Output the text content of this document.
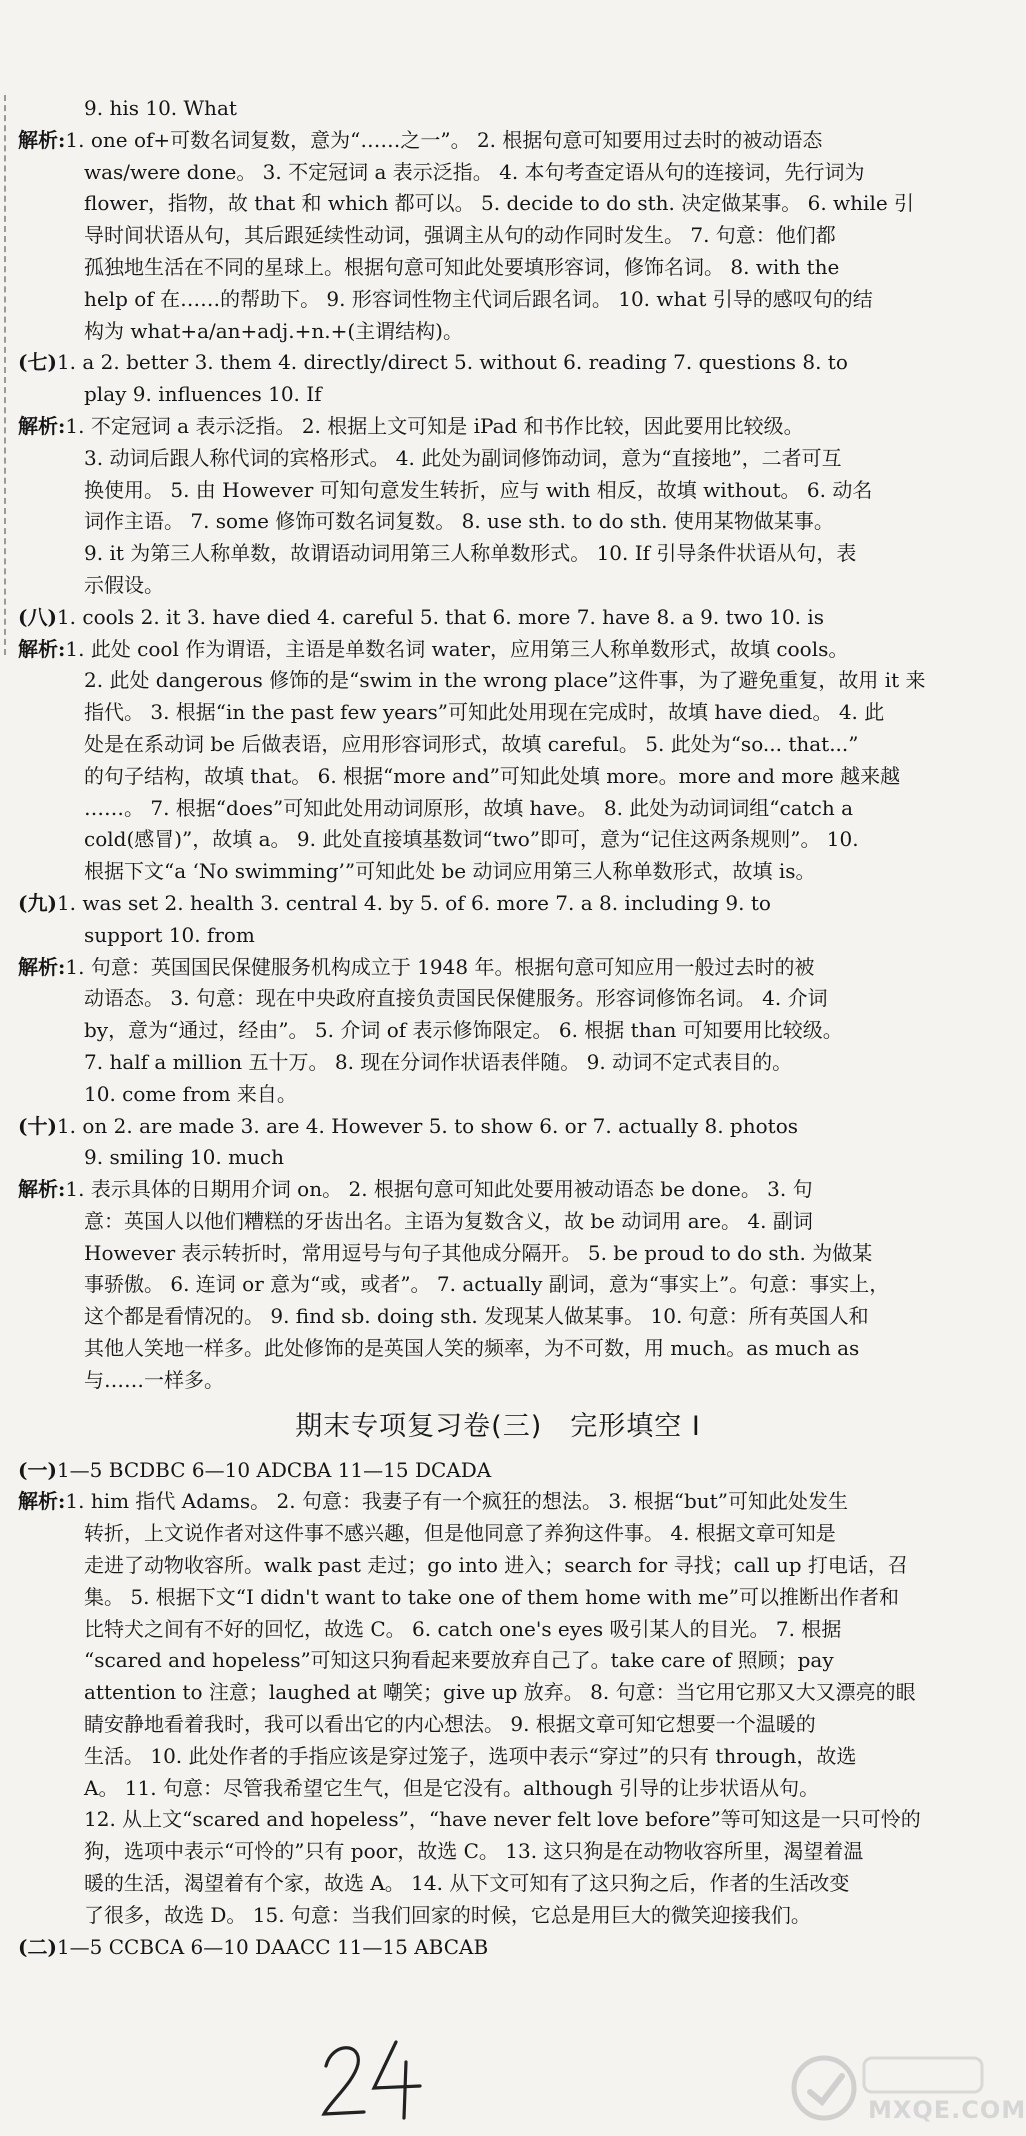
9. his 10. What
解析:1. one of+可数名词复数，意为“……之一”。 2. 根据句意可知要用过去时的被动语态
was/were done。 3. 不定冠词 a 表示泛指。 4. 本句考查定语从句的连接词，先行词为
flower，指物，故 that 和 which 都可以。 5. decide to do sth. 决定做某事。 6. while 引
导时间状语从句，其后跟延续性动词，强调主从句的动作同时发生。 7. 句意：他们都
孤独地生活在不同的星球上。根据句意可知此处要填形容词，修饰名词。 8. with the
help of 在……的帮助下。 9. 形容词性物主代词后跟名词。 10. what 引导的感叹句的结
构为 what+a/an+adj.+n.+(主谓结构)。
(七)1. a 2. better 3. them 4. directly/direct 5. without 6. reading 7. questions 8. to
play 9. influences 10. If
解析:1. 不定冠词 a 表示泛指。 2. 根据上文可知是 iPad 和书作比较，因此要用比较级。
3. 动词后跟人称代词的宾格形式。 4. 此处为副词修饰动词，意为“直接地”，二者可互
换使用。 5. 由 However 可知句意发生转折，应与 with 相反，故填 without。 6. 动名
词作主语。 7. some 修饰可数名词复数。 8. use sth. to do sth. 使用某物做某事。
9. it 为第三人称单数，故谓语动词用第三人称单数形式。 10. If 引导条件状语从句，表
示假设。
(八)1. cools 2. it 3. have died 4. careful 5. that 6. more 7. have 8. a 9. two 10. is
解析:1. 此处 cool 作为谓语，主语是单数名词 water，应用第三人称单数形式，故填 cools。
2. 此处 dangerous 修饰的是“swim in the wrong place”这件事，为了避免重复，故用 it 来
指代。 3. 根据“in the past few years”可知此处用现在完成时，故填 have died。 4. 此
处是在系动词 be 后做表语，应用形容词形式，故填 careful。 5. 此处为“so... that...”
的句子结构，故填 that。 6. 根据“more and”可知此处填 more。more and more 越来越
……。 7. 根据“does”可知此处用动词原形，故填 have。 8. 此处为动词词组“catch a
cold(感冒)”，故填 a。 9. 此处直接填基数词“two”即可，意为“记住这两条规则”。 10.
根据下文“a ‘No swimming’”可知此处 be 动词应用第三人称单数形式，故填 is。
(九)1. was set 2. health 3. central 4. by 5. of 6. more 7. a 8. including 9. to
support 10. from
解析:1. 句意：英国国民保健服务机构成立于 1948 年。根据句意可知应用一般过去时的被
动语态。 3. 句意：现在中央政府直接负责国民保健服务。形容词修饰名词。 4. 介词
by，意为“通过，经由”。 5. 介词 of 表示修饰限定。 6. 根据 than 可知要用比较级。
7. half a million 五十万。 8. 现在分词作状语表伴随。 9. 动词不定式表目的。
10. come from 来自。
(十)1. on 2. are made 3. are 4. However 5. to show 6. or 7. actually 8. photos
9. smiling 10. much
解析:1. 表示具体的日期用介词 on。 2. 根据句意可知此处要用被动语态 be done。 3. 句
意：英国人以他们糟糕的牙齿出名。主语为复数含义，故 be 动词用 are。 4. 副词
However 表示转折时，常用逗号与句子其他成分隔开。 5. be proud to do sth. 为做某
事骄傲。 6. 连词 or 意为“或，或者”。 7. actually 副词，意为“事实上”。句意：事实上，
这个都是看情况的。 9. find sb. doing sth. 发现某人做某事。 10. 句意：所有英国人和
其他人笑地一样多。此处修饰的是英国人笑的频率，为不可数，用 much。as much as
与……一样多。
期末专项复习卷(三)　完形填空 I
(一)1—5 BCDBC 6—10 ADCBA 11—15 DCADA
解析:1. him 指代 Adams。 2. 句意：我妻子有一个疯狂的想法。 3. 根据“but”可知此处发生
转折，上文说作者对这件事不感兴趣，但是他同意了养狗这件事。 4. 根据文章可知是
走进了动物收容所。walk past 走过；go into 进入；search for 寻找；call up 打电话，召
集。 5. 根据下文“I didn't want to take one of them home with me”可以推断出作者和
比特犬之间有不好的回忆，故选 C。 6. catch one's eyes 吸引某人的目光。 7. 根据
“scared and hopeless”可知这只狗看起来要放弃自己了。take care of 照顾；pay
attention to 注意；laughed at 嘲笑；give up 放弃。 8. 句意：当它用它那又大又漂亮的眼
睛安静地看着我时，我可以看出它的内心想法。 9. 根据文章可知它想要一个温暖的
生活。 10. 此处作者的手指应该是穿过笼子，选项中表示“穿过”的只有 through，故选
A。 11. 句意：尽管我希望它生气，但是它没有。although 引导的让步状语从句。
12. 从上文“scared and hopeless”，“have never felt love before”等可知这是一只可怜的
狗，选项中表示“可怜的”只有 poor，故选 C。 13. 这只狗是在动物收容所里，渴望着温
暖的生活，渴望着有个家，故选 A。 14. 从下文可知有了这只狗之后，作者的生活改变
了很多，故选 D。 15. 句意：当我们回家的时候，它总是用巨大的微笑迎接我们。
(二)1—5 CCBCA 6—10 DAACC 11—15 ABCAB
MXQE.COM
